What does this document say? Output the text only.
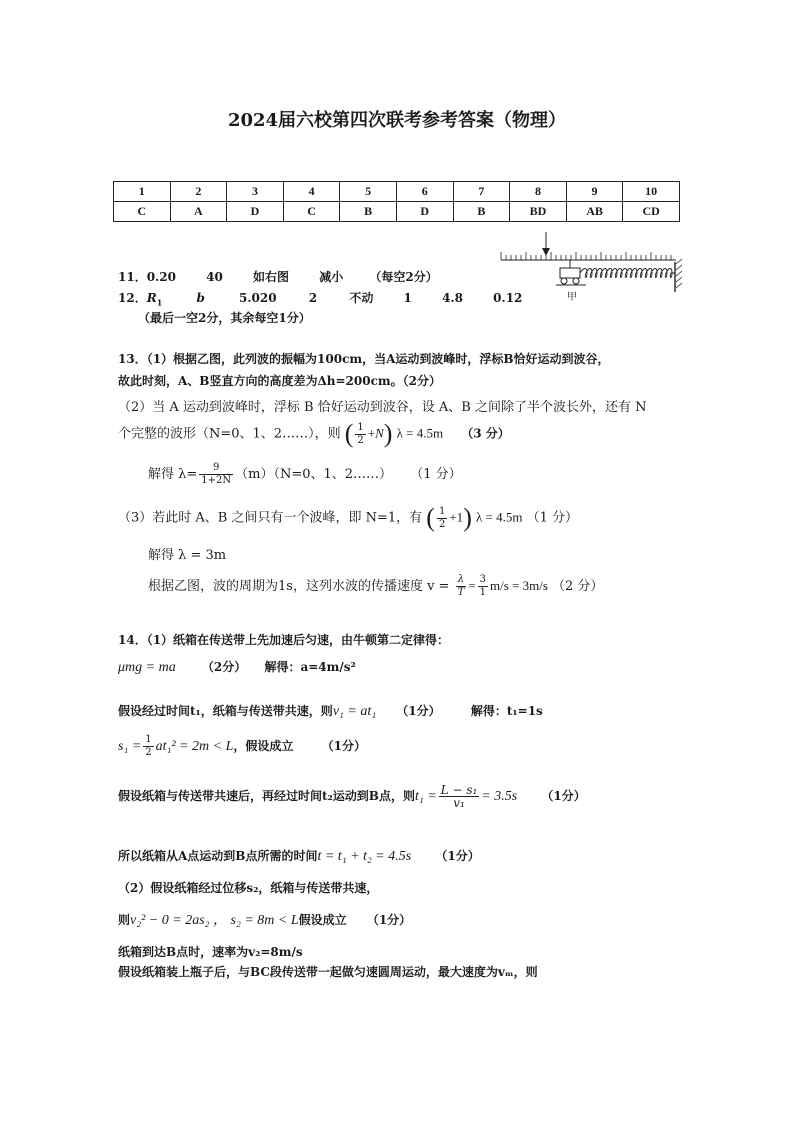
2024届六校第四次联考参考答案（物理）
1	2	3	4	5	6	7	8	9	10
C	A	D	C	B	D	B	BD	AB	CD
甲
11．0.20	40	如右图	减小 （每空2分）
12．$R_1$	b	5.020	2	不动	1	4.8	0.12
（最后一空2分，其余每空1分）
13．（1）根据乙图，此列波的振幅为100cm，当A运动到波峰时，浮标B恰好运动到波谷，
故此时刻，A、B竖直方向的高度差为Δh=200cm。（2分）
（2）当 A 运动到波峰时，浮标 B 恰好运动到波谷，设 A、B 之间除了半个波长外，还有 N
个完整的波形（N=0、1、2……），则 ( $\frac{1}{2} +N$) λ = 4.5m （3 分）
解得 $\lambda= \frac{9}{1+2N} (m)(N=0$、1、2……） （1 分）
（3）若此时 A、B 之间只有一个波峰，即 N=1，有 ( $\frac{1}{2} +1$) λ = 4.5m （1 分）
解得 λ = 3m
根据乙图，波的周期为1s，这列水波的传播速度 $v = \frac{\lambda}{T} = \frac{3}{1} m/s = 3m/s$ （2 分）
14．（1）纸箱在传送带上先加速后匀速，由牛顿第二定律得：
μmg = ma （2分） 解得：a=4m/s²
假设经过时间t₁，纸箱与传送带共速，则v₁ = at₁ （1分）	解得：t₁=1s
$s_1 = \frac{1}{2} at_1^2 = 2m < L$，假设成立 （1分）
假设纸箱与传送带共速后，再经过时间t₂运动到B点，则$t_1 = \frac{\text{L − s₁}}{\text{v₁}} = 3.5s$ （1分）
所以纸箱从A点运动到B点所需的时间t = t₁ + t₂ = 4.5s （1分）
（2）假设纸箱经过位移s₂，纸箱与传送带共速，
则v₂² − 0 = 2as₂ ， s₂ = 8m < L假设成立 （1分）
纸箱到达B点时，速率为v₂=8m/s
假设纸箱装上瓶子后，与BC段传送带一起做匀速圆周运动，最大速度为vₘ，则
